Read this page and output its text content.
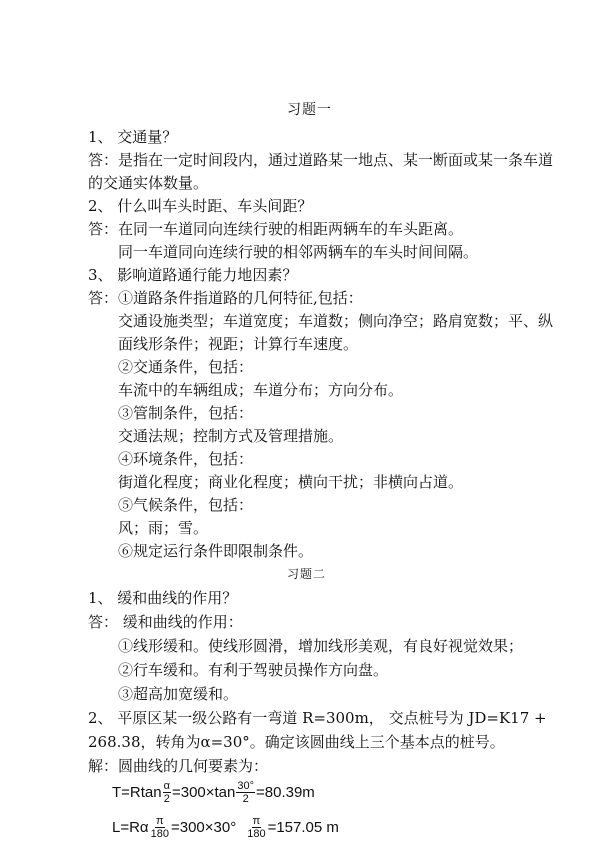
习题一
1、 交通量？
答：是指在一定时间段内，通过道路某一地点、某一断面或某一条车道
的交通实体数量。
2、 什么叫车头时距、车头间距？
答：在同一车道同向连续行驶的相距两辆车的车头距离。
同一车道同向连续行驶的相邻两辆车的车头时间间隔。
3、 影响道路通行能力地因素？
答：①道路条件指道路的几何特征,包括：
交通设施类型；车道宽度；车道数；侧向净空；路肩宽数；平、纵
面线形条件；视距；计算行车速度。
②交通条件，包括：
车流中的车辆组成；车道分布；方向分布。
③管制条件，包括：
交通法规；控制方式及管理措施。
④环境条件，包括：
街道化程度；商业化程度；横向干扰；非横向占道。
⑤气候条件，包括：
风；雨；雪。
⑥规定运行条件即限制条件。
习题二
1、 缓和曲线的作用？
答： 缓和曲线的作用：
①线形缓和。使线形圆滑，增加线形美观，有良好视觉效果；
②行车缓和。有利于驾驶员操作方向盘。
③超高加宽缓和。
2、 平原区某一级公路有一弯道 R=300m， 交点桩号为 JD=K17 +
268.38，转角为α=30°。确定该圆曲线上三个基本点的桩号。
解：圆曲线的几何要素为：
$T=Rtan \frac{\alpha}{2} =300\times\tan \frac{30^\circ}{2} =80.39m$
$L=R\alpha \frac{\pi}{180} =300\times 30^\circ \frac{\pi}{180} =157.05$ m
